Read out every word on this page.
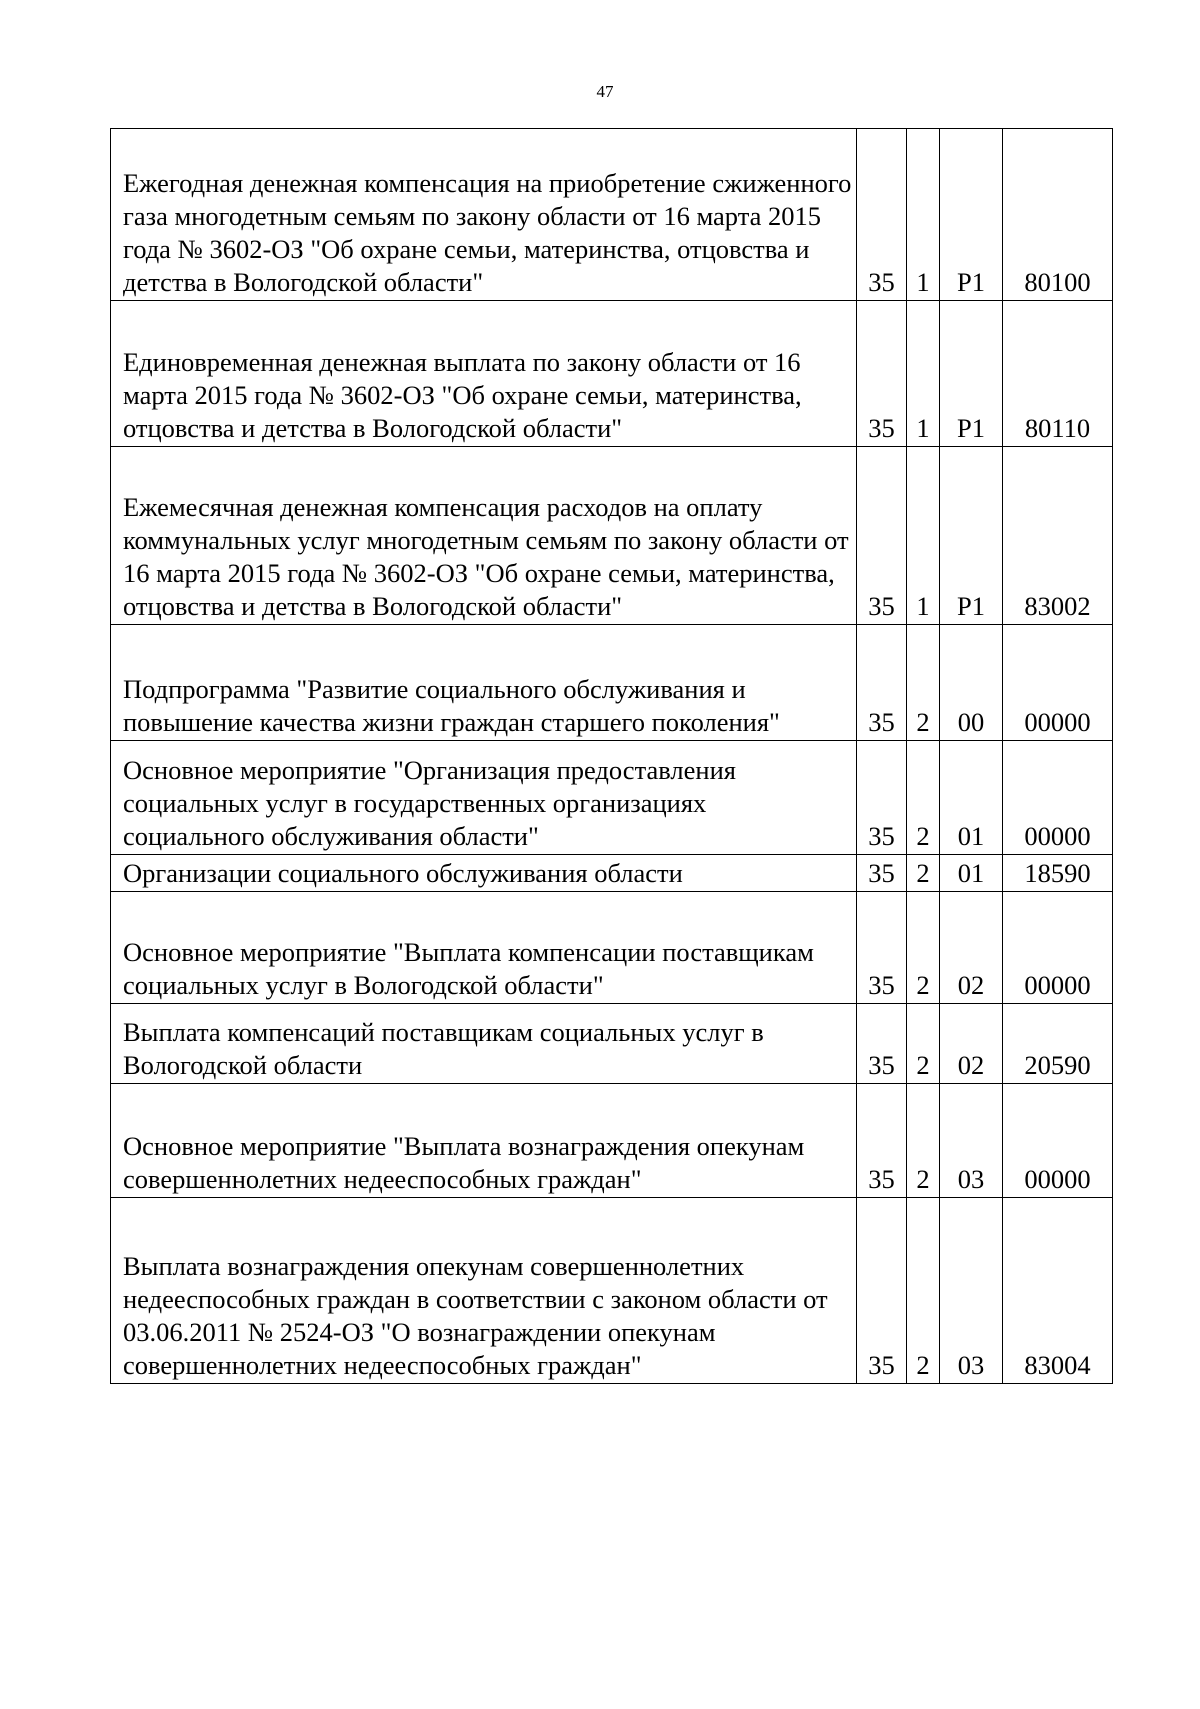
47
Ежегодная денежная компенсация на приобретение сжиженного газа многодетным семьям по закону области от 16 марта 2015 года № 3602-ОЗ "Об охране семьи, материнства, отцовства и детства в Вологодской области"	35	1	P1	80100
Единовременная денежная выплата по закону области от 16 марта 2015 года № 3602-ОЗ "Об охране семьи, материнства, отцовства и детства в Вологодской области"	35	1	P1	80110
Ежемесячная денежная компенсация расходов на оплату коммунальных услуг многодетным семьям по закону области от 16 марта 2015 года № 3602-ОЗ "Об охране семьи, материнства, отцовства и детства в Вологодской области"	35	1	P1	83002
Подпрограмма "Развитие социального обслуживания и повышение качества жизни граждан старшего поколения"	35	2	00	00000
Основное мероприятие "Организация предоставления социальных услуг в государственных организациях социального обслуживания области"	35	2	01	00000
Организации социального обслуживания области	35	2	01	18590
Основное мероприятие "Выплата компенсации поставщикам социальных услуг в Вологодской области"	35	2	02	00000
Выплата компенсаций поставщикам социальных услуг в Вологодской области	35	2	02	20590
Основное мероприятие "Выплата вознаграждения опекунам совершеннолетних недееспособных граждан"	35	2	03	00000
Выплата вознаграждения опекунам совершеннолетних недееспособных граждан в соответствии с законом области от 03.06.2011 № 2524-ОЗ "О вознаграждении опекунам совершеннолетних недееспособных граждан"	35	2	03	83004
